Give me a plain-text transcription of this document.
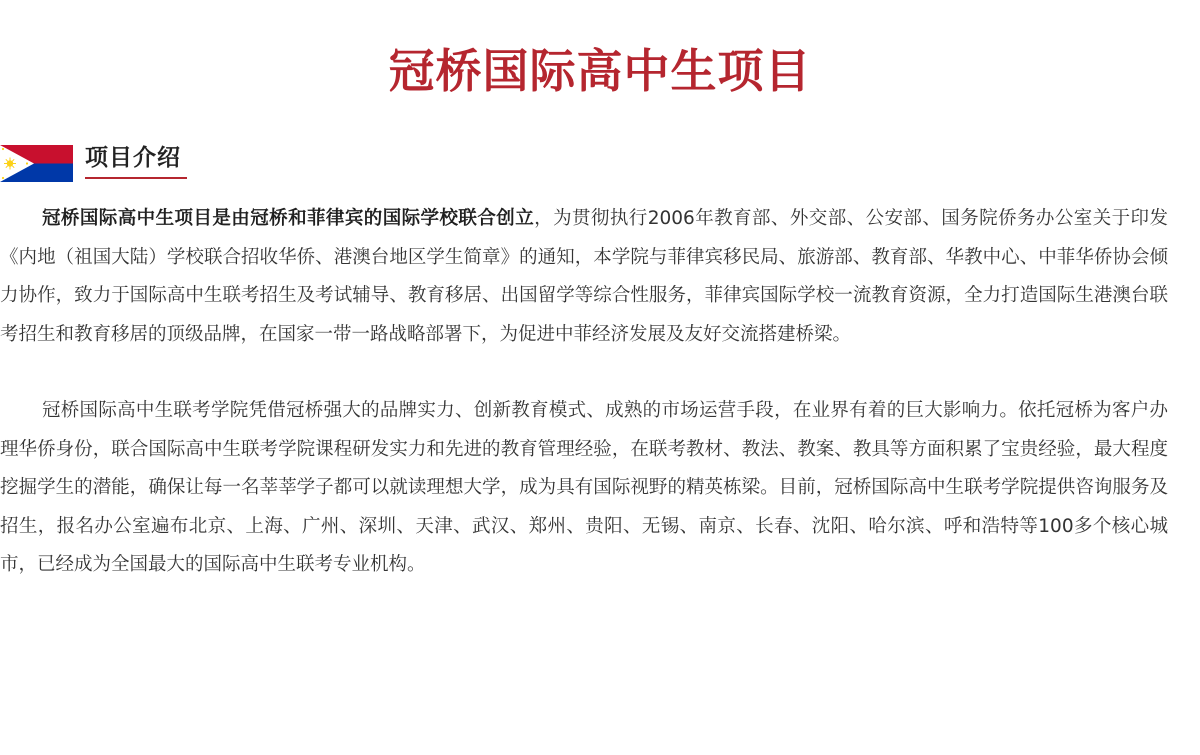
冠桥国际高中生项目
项目介绍

冠桥国际高中生项目是由冠桥和菲律宾的国际学校联合创立，为贯彻执行2006年教育部、外交部、公安部、国务院侨务办公室关于印发《内地（祖国大陆）学校联合招收华侨、港澳台地区学生简章》的通知，本学院与菲律宾移民局、旅游部、教育部、华教中心、中菲华侨协会倾力协作，致力于国际高中生联考招生及考试辅导、教育移居、出国留学等综合性服务，菲律宾国际学校一流教育资源，全力打造国际生港澳台联考招生和教育移居的顶级品牌，在国家一带一路战略部署下，为促进中菲经济发展及友好交流搭建桥梁。

冠桥国际高中生联考学院凭借冠桥强大的品牌实力、创新教育模式、成熟的市场运营手段，在业界有着的巨大影响力。依托冠桥为客户办理华侨身份，联合国际高中生联考学院课程研发实力和先进的教育管理经验，在联考教材、教法、教案、教具等方面积累了宝贵经验，最大程度挖掘学生的潜能，确保让每一名莘莘学子都可以就读理想大学，成为具有国际视野的精英栋梁。目前，冠桥国际高中生联考学院提供咨询服务及招生，报名办公室遍布北京、上海、广州、深圳、天津、武汉、郑州、贵阳、无锡、南京、长春、沈阳、哈尔滨、呼和浩特等100多个核心城市，已经成为全国最大的国际高中生联考专业机构。
